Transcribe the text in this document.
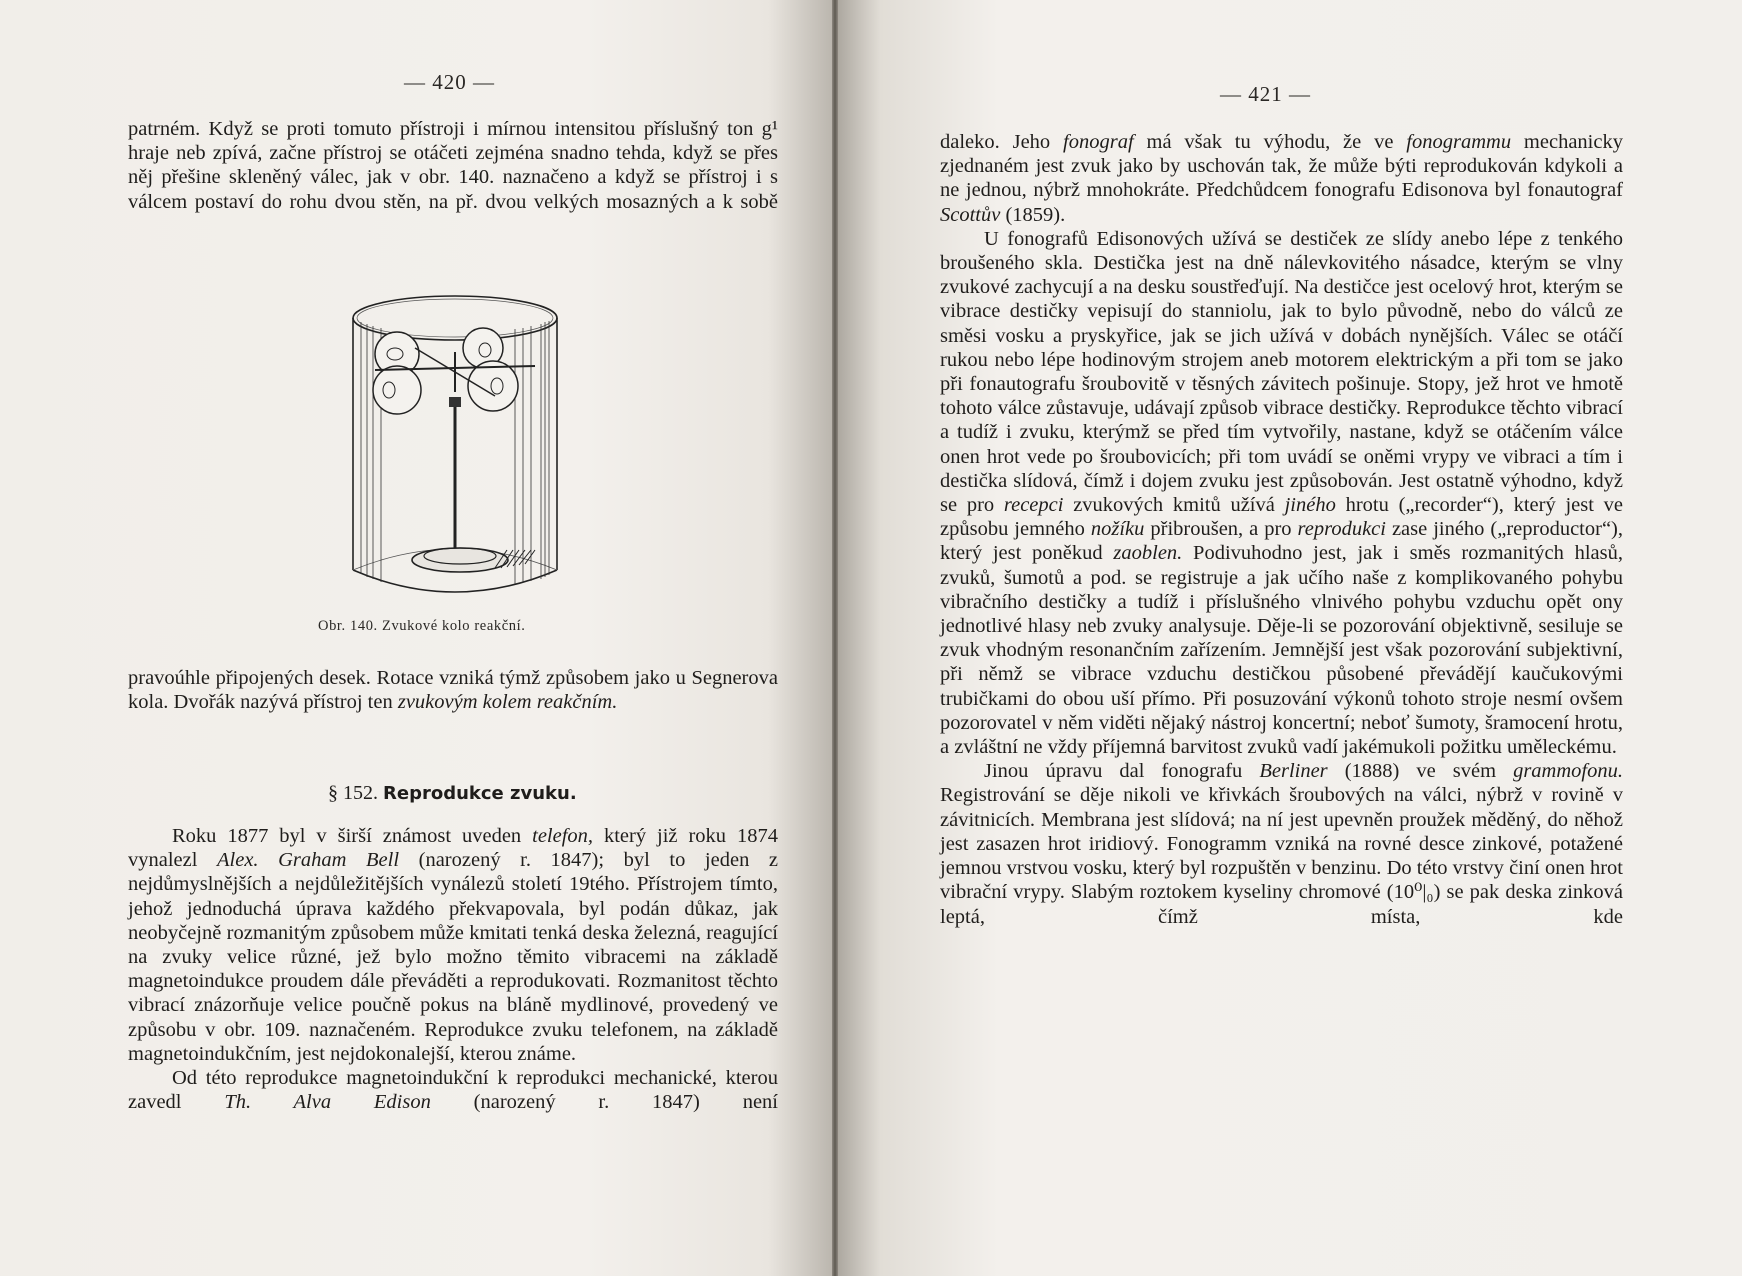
— 420 —

patrném. Když se proti tomuto přístroji i mírnou intensitou příslušný ton g¹ hraje neb zpívá, začne přístroj se otáčeti zejména snadno tehda, když se přes něj přešine skleněný válec, jak v obr. 140. naznačeno a když se přístroj i s válcem postaví do rohu dvou stěn, na př. dvou velkých mosazných a k sobě

Obr. 140. Zvukové kolo reakční.

pravoúhle připojených desek. Rotace vzniká týmž způsobem jako u Segnerova kola. Dvořák nazývá přístroj ten zvukovým kolem reakčním.

§ 152. Reprodukce zvuku.

Roku 1877 byl v širší známost uveden telefon, který již roku 1874 vynalezl Alex. Graham Bell (narozený r. 1847); byl to jeden z nejdůmyslnějších a nejdůležitějších vynálezů století 19tého. Přístrojem tímto, jehož jednoduchá úprava každého překvapovala, byl podán důkaz, jak neobyčejně rozmanitým způsobem může kmitati tenká deska železná, reagující na zvuky velice různé, jež bylo možno těmito vibracemi na základě magnetoindukce proudem dále převáděti a reprodukovati. Rozmanitost těchto vibrací znázorňuje velice poučně pokus na bláně mydlinové, provedený ve způsobu v obr. 109. naznačeném. Reprodukce zvuku telefonem, na základě magnetoindukčním, jest nejdokonalejší, kterou známe.

Od této reprodukce magnetoindukční k reprodukci mechanické, kterou zavedl Th. Alva Edison (narozený r. 1847) není

— 421 —

daleko. Jeho fonograf má však tu výhodu, že ve fonogrammu mechanicky zjednaném jest zvuk jako by uschován tak, že může býti reprodukován kdykoli a ne jednou, nýbrž mnohokráte. Předchůdcem fonografu Edisonova byl fonautograf Scottův (1859).

U fonografů Edisonových užívá se destiček ze slídy anebo lépe z tenkého broušeného skla. Destička jest na dně nálevkovitého násadce, kterým se vlny zvukové zachycují a na desku soustřeďují. Na destičce jest ocelový hrot, kterým se vibrace destičky vepisují do stanniolu, jak to bylo původně, nebo do válců ze směsi vosku a pryskyřice, jak se jich užívá v dobách nynějších. Válec se otáčí rukou nebo lépe hodinovým strojem aneb motorem elektrickým a při tom se jako při fonautografu šroubovitě v těsných závitech pošinuje. Stopy, jež hrot ve hmotě tohoto válce zůstavuje, udávají způsob vibrace destičky. Reprodukce těchto vibrací a tudíž i zvuku, kterýmž se před tím vytvořily, nastane, když se otáčením válce onen hrot vede po šroubovicích; při tom uvádí se oněmi vrypy ve vibraci a tím i destička slídová, čímž i dojem zvuku jest způsobován. Jest ostatně výhodno, když se pro recepci zvukových kmitů užívá jiného hrotu („recorder“), který jest ve způsobu jemného nožíku přibroušen, a pro reprodukci zase jiného („reproductor“), který jest poněkud zaoblen. Podivuhodno jest, jak i směs rozmanitých hlasů, zvuků, šumotů a pod. se registruje a jak učího naše z komplikovaného pohybu vibračního destičky a tudíž i příslušného vlnivého pohybu vzduchu opět ony jednotlivé hlasy neb zvuky analysuje. Děje-li se pozorování objektivně, sesiluje se zvuk vhodným resonančním zařízením. Jemnější jest však pozorování subjektivní, při němž se vibrace vzduchu destičkou působené převádějí kaučukovými trubičkami do obou uší přímo. Při posuzování výkonů tohoto stroje nesmí ovšem pozorovatel v něm viděti nějaký nástroj koncertní; neboť šumoty, šramocení hrotu, a zvláštní ne vždy příjemná barvitost zvuků vadí jakémukoli požitku uměleckému.

Jinou úpravu dal fonografu Berliner (1888) ve svém grammofonu. Registrování se děje nikoli ve křivkách šroubových na válci, nýbrž v rovině v závitnicích. Membrana jest slídová; na ní jest upevněn proužek měděný, do něhož jest zasazen hrot iridiový. Fonogramm vzniká na rovné desce zinkové, potažené jemnou vrstvou vosku, který byl rozpuštěn v benzinu. Do této vrstvy činí onen hrot vibrační vrypy. Slabým roztokem kyseliny chromové (10⁰|₀) se pak deska zinková leptá, čímž místa, kde
